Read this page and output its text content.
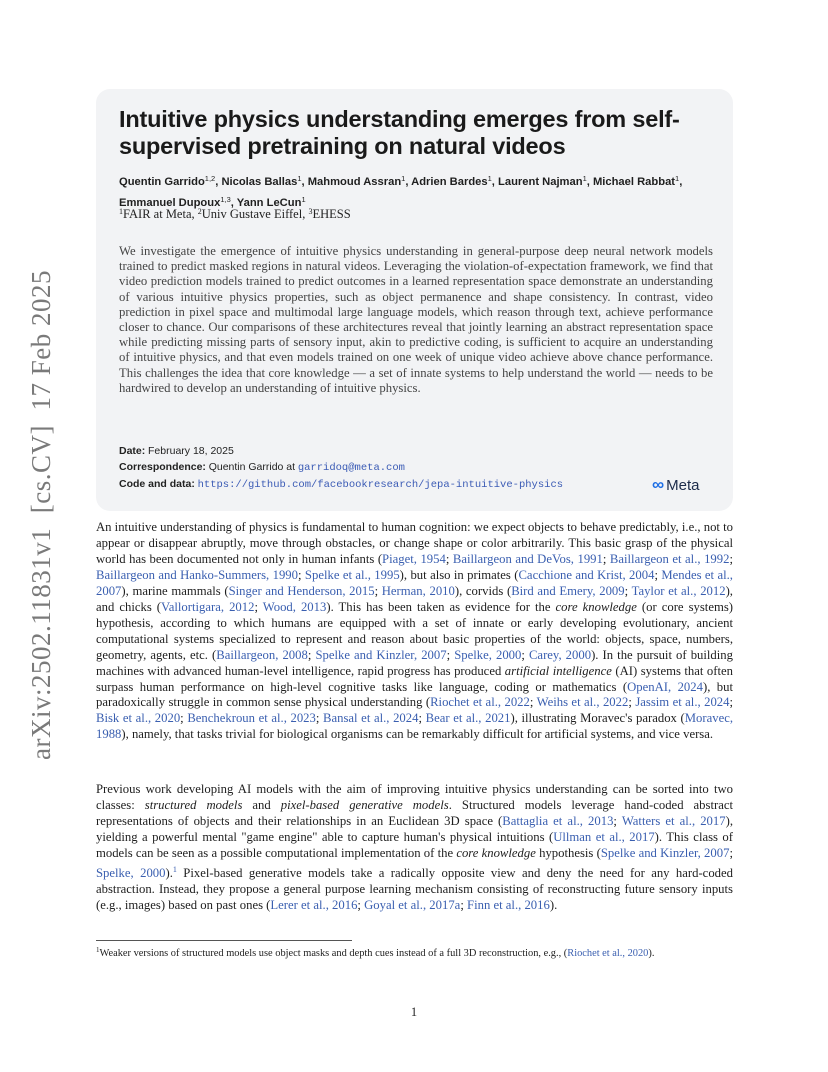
arXiv:2502.11831v1  [cs.CV]  17 Feb 2025
Intuitive physics understanding emerges from self-supervised pretraining on natural videos
Quentin Garrido$^{1,2}$, Nicolas Ballas$^1$, Mahmoud Assran$^1$, Adrien Bardes$^1$, Laurent Najman$^1$, Michael Rabbat$^1$, Emmanuel Dupoux$^{1,3}$, Yann LeCun$^1$
$^1$FAIR at Meta, $^2$Univ Gustave Eiffel, $^3$EHESS
We investigate the emergence of intuitive physics understanding in general-purpose deep neural network models trained to predict masked regions in natural videos. Leveraging the violation-of-expectation framework, we find that video prediction models trained to predict outcomes in a learned representation space demonstrate an understanding of various intuitive physics properties, such as object permanence and shape consistency. In contrast, video prediction in pixel space and multimodal large language models, which reason through text, achieve performance closer to chance. Our comparisons of these architectures reveal that jointly learning an abstract representation space while predicting missing parts of sensory input, akin to predictive coding, is sufficient to acquire an understanding of intuitive physics, and that even models trained on one week of unique video achieve above chance performance. This challenges the idea that core knowledge — a set of innate systems to help understand the world — needs to be hardwired to develop an understanding of intuitive physics.
Date: February 18, 2025
Correspondence: Quentin Garrido at garridoq@meta.com
Code and data: https://github.com/facebookresearch/jepa-intuitive-physics	∞ Meta
An intuitive understanding of physics is fundamental to human cognition: we expect objects to behave predictably, i.e., not to appear or disappear abruptly, move through obstacles, or change shape or color arbitrarily. This basic grasp of the physical world has been documented not only in human infants (Piaget, 1954; Baillargeon and DeVos, 1991; Baillargeon et al., 1992; Baillargeon and Hanko-Summers, 1990; Spelke et al., 1995), but also in primates (Cacchione and Krist, 2004; Mendes et al., 2007), marine mammals (Singer and Henderson, 2015; Herman, 2010), corvids (Bird and Emery, 2009; Taylor et al., 2012), and chicks (Vallortigara, 2012; Wood, 2013). This has been taken as evidence for the core knowledge (or core systems) hypothesis, according to which humans are equipped with a set of innate or early developing evolutionary, ancient computational systems specialized to represent and reason about basic properties of the world: objects, space, numbers, geometry, agents, etc. (Baillargeon, 2008; Spelke and Kinzler, 2007; Spelke, 2000; Carey, 2000). In the pursuit of building machines with advanced human-level intelligence, rapid progress has produced artificial intelligence (AI) systems that often surpass human performance on high-level cognitive tasks like language, coding or mathematics (OpenAI, 2024), but paradoxically struggle in common sense physical understanding (Riochet et al., 2022; Weihs et al., 2022; Jassim et al., 2024; Bisk et al., 2020; Benchekroun et al., 2023; Bansal et al., 2024; Bear et al., 2021), illustrating Moravec's paradox (Moravec, 1988), namely, that tasks trivial for biological organisms can be remarkably difficult for artificial systems, and vice versa.
Previous work developing AI models with the aim of improving intuitive physics understanding can be sorted into two classes: structured models and pixel-based generative models. Structured models leverage hand-coded abstract representations of objects and their relationships in an Euclidean 3D space (Battaglia et al., 2013; Watters et al., 2017), yielding a powerful mental "game engine" able to capture human's physical intuitions (Ullman et al., 2017). This class of models can be seen as a possible computational implementation of the core knowledge hypothesis (Spelke and Kinzler, 2007; Spelke, 2000).$^1$ Pixel-based generative models take a radically opposite view and deny the need for any hard-coded abstraction. Instead, they propose a general purpose learning mechanism consisting of reconstructing future sensory inputs (e.g., images) based on past ones (Lerer et al., 2016; Goyal et al., 2017a; Finn et al., 2016).
$^1$Weaker versions of structured models use object masks and depth cues instead of a full 3D reconstruction, e.g., (Riochet et al., 2020).
1
